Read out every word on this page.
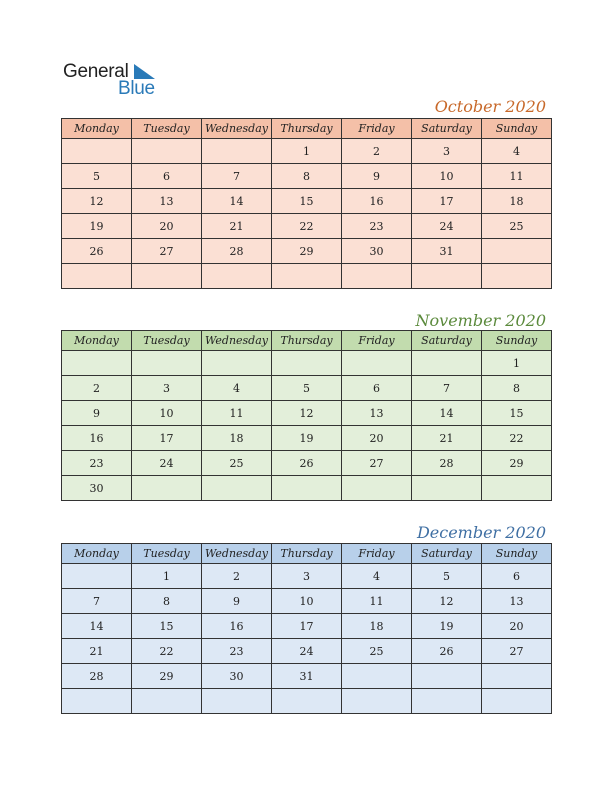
General
Blue
October 2020
Monday	Tuesday	Wednesday	Thursday	Friday	Saturday	Sunday
			1	2	3	4
5	6	7	8	9	10	11
12	13	14	15	16	17	18
19	20	21	22	23	24	25
26	27	28	29	30	31	

November 2020
Monday	Tuesday	Wednesday	Thursday	Friday	Saturday	Sunday
						1
2	3	4	5	6	7	8
9	10	11	12	13	14	15
16	17	18	19	20	21	22
23	24	25	26	27	28	29
30						
December 2020
Monday	Tuesday	Wednesday	Thursday	Friday	Saturday	Sunday
	1	2	3	4	5	6
7	8	9	10	11	12	13
14	15	16	17	18	19	20
21	22	23	24	25	26	27
28	29	30	31			
